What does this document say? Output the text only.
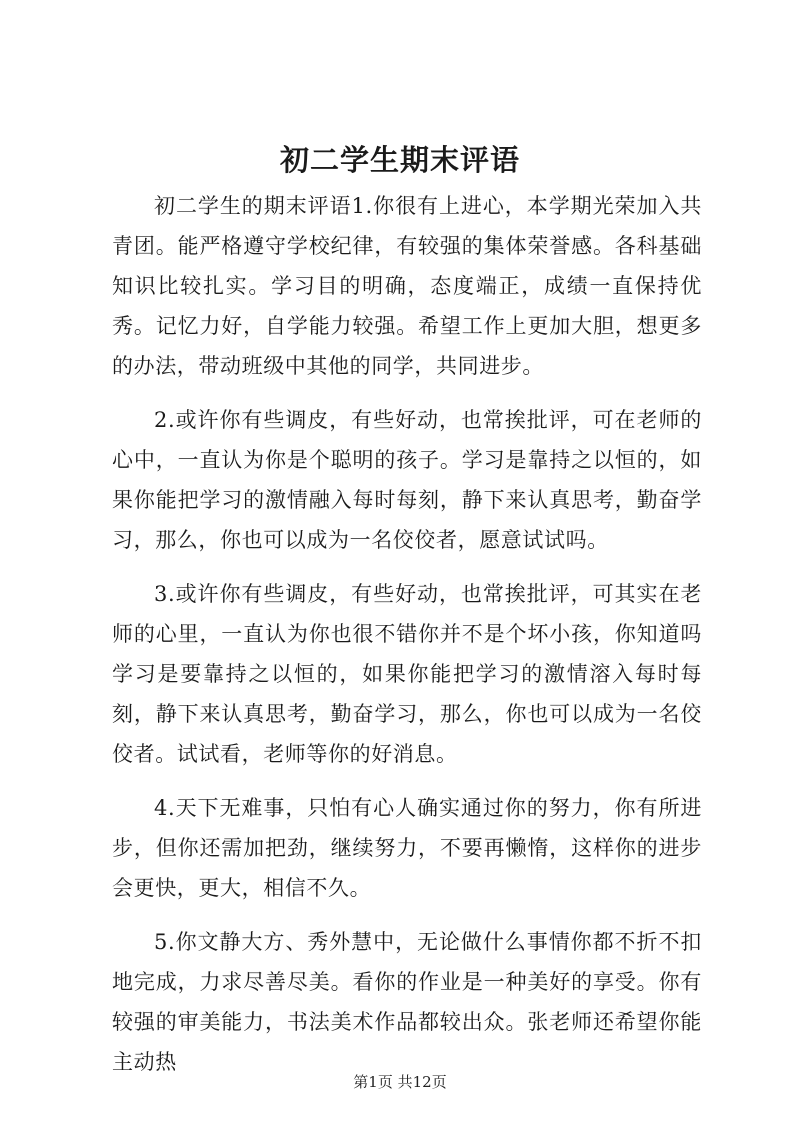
初二学生期末评语

初二学生的期末评语1.你很有上进心，本学期光荣加入共青团。能严格遵守学校纪律，有较强的集体荣誉感。各科基础知识比较扎实。学习目的明确，态度端正，成绩一直保持优秀。记忆力好，自学能力较强。希望工作上更加大胆，想更多的办法，带动班级中其他的同学，共同进步。

2.或许你有些调皮，有些好动，也常挨批评，可在老师的心中，一直认为你是个聪明的孩子。学习是靠持之以恒的，如果你能把学习的激情融入每时每刻，静下来认真思考，勤奋学习，那么，你也可以成为一名佼佼者，愿意试试吗。

3.或许你有些调皮，有些好动，也常挨批评，可其实在老师的心里，一直认为你也很不错你并不是个坏小孩，你知道吗学习是要靠持之以恒的，如果你能把学习的激情溶入每时每刻，静下来认真思考，勤奋学习，那么，你也可以成为一名佼佼者。试试看，老师等你的好消息。

4.天下无难事，只怕有心人确实通过你的努力，你有所进步，但你还需加把劲，继续努力，不要再懒惰，这样你的进步会更快，更大，相信不久。

5.你文静大方、秀外慧中，无论做什么事情你都不折不扣地完成，力求尽善尽美。看你的作业是一种美好的享受。你有较强的审美能力，书法美术作品都较出众。张老师还希望你能主动热

第1页 共12页
